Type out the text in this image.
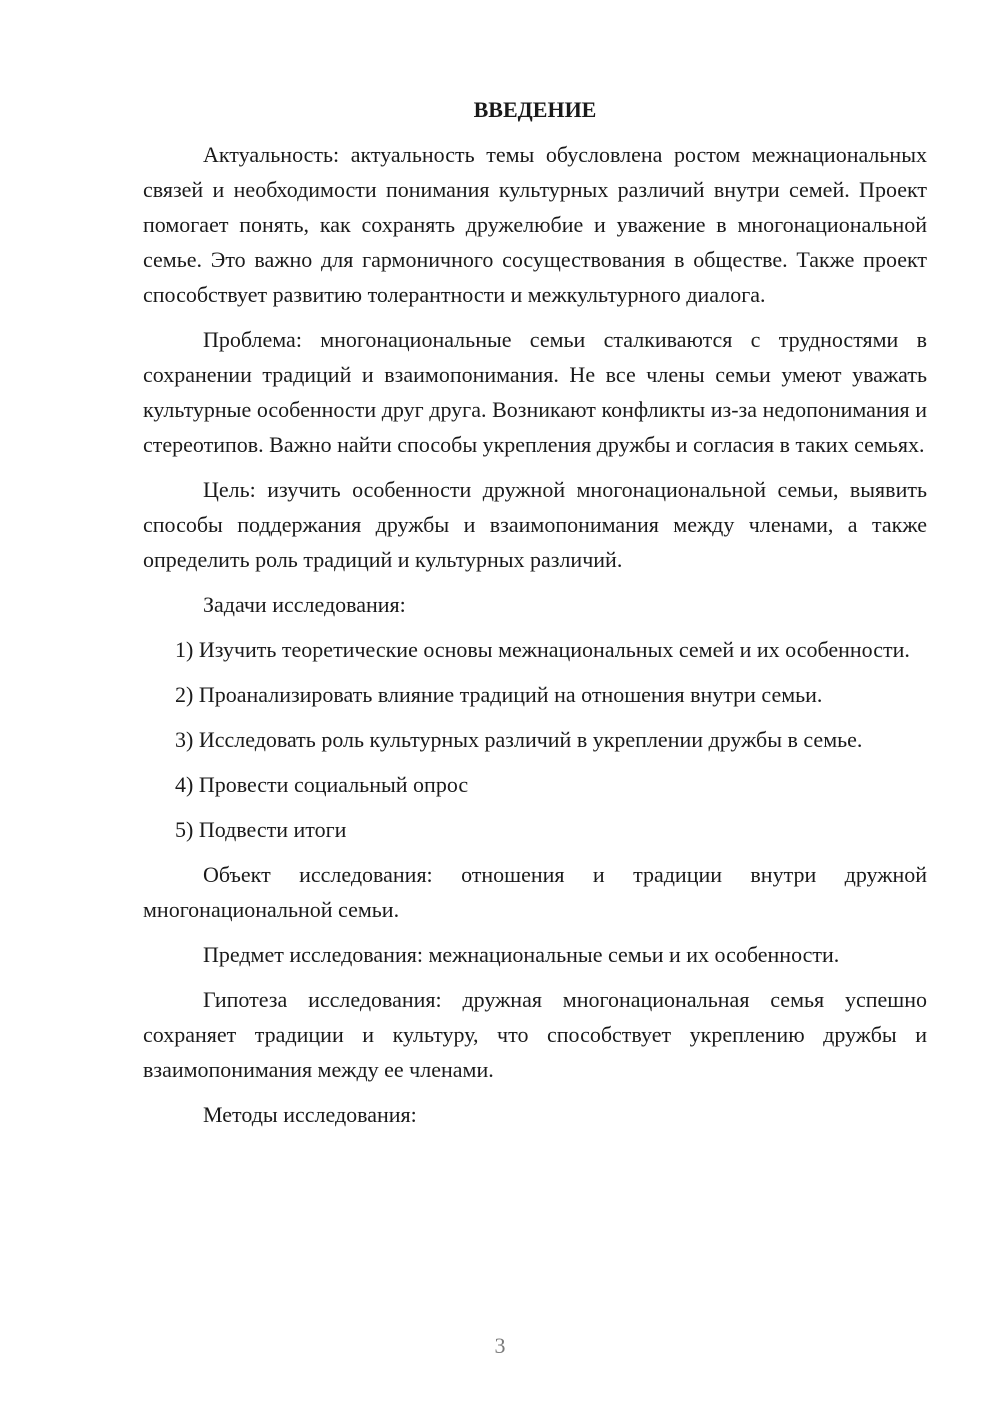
ВВЕДЕНИЕ

Актуальность: актуальность темы обусловлена ростом межнациональных связей и необходимости понимания культурных различий внутри семей. Проект помогает понять, как сохранять дружелюбие и уважение в многонациональной семье. Это важно для гармоничного сосуществования в обществе. Также проект способствует развитию толерантности и межкультурного диалога.

Проблема: многонациональные семьи сталкиваются с трудностями в сохранении традиций и взаимопонимания. Не все члены семьи умеют уважать культурные особенности друг друга. Возникают конфликты из-за недопонимания и стереотипов. Важно найти способы укрепления дружбы и согласия в таких семьях.

Цель: изучить особенности дружной многонациональной семьи, выявить способы поддержания дружбы и взаимопонимания между членами, а также определить роль традиций и культурных различий.

Задачи исследования:

1) Изучить теоретические основы межнациональных семей и их особенности.

2) Проанализировать влияние традиций на отношения внутри семьи.

3) Исследовать роль культурных различий в укреплении дружбы в семье.

4) Провести социальный опрос

5) Подвести итоги

Объект исследования: отношения и традиции внутри дружной многонациональной семьи.

Предмет исследования: межнациональные семьи и их особенности.

Гипотеза исследования: дружная многонациональная семья успешно сохраняет традиции и культуру, что способствует укреплению дружбы и взаимопонимания между ее членами.

Методы исследования:

3
